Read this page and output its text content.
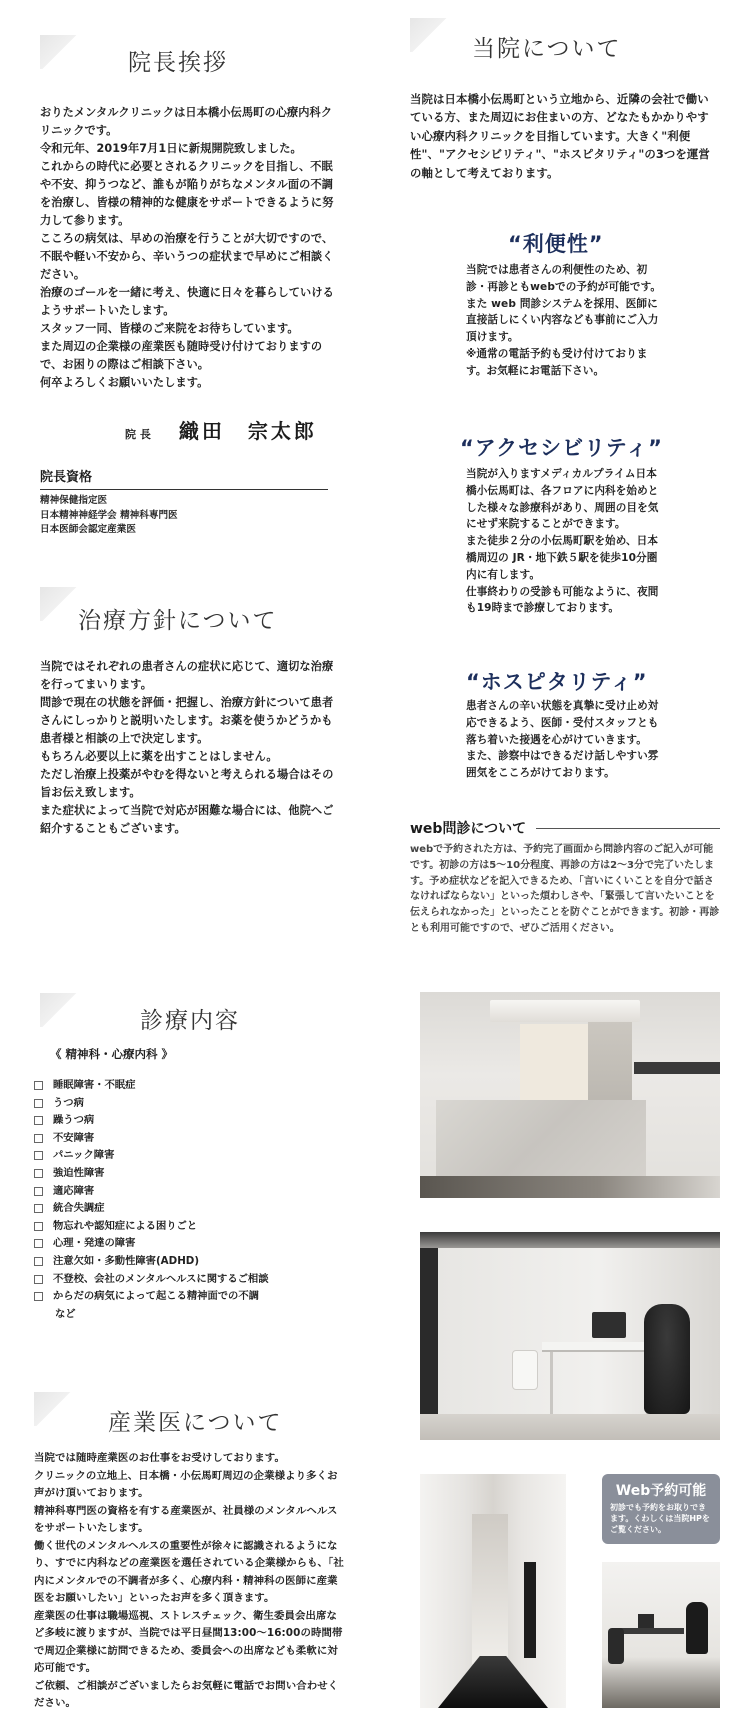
院長挨拶

おりたメンタルクリニックは日本橋小伝馬町の心療内科クリニックです。

令和元年、2019年7月1日に新規開院致しました。

これからの時代に必要とされるクリニックを目指し、不眠や不安、抑うつなど、誰もが陥りがちなメンタル面の不調を治療し、皆様の精神的な健康をサポートできるように努力して参ります。

こころの病気は、早めの治療を行うことが大切ですので、不眠や軽い不安から、辛いうつの症状まで早めにご相談ください。

治療のゴールを一緒に考え、快適に日々を暮らしていけるようサポートいたします。

スタッフ一同、皆様のご来院をお待ちしています。

また周辺の企業様の産業医も随時受け付けておりますので、お困りの際はご相談下さい。

何卒よろしくお願いいたします。

院 長 織田　宗太郎
院長資格
精神保健指定医
日本精神神経学会 精神科専門医
日本医師会認定産業医
治療方針について

当院ではそれぞれの患者さんの症状に応じて、適切な治療を行ってまいります。

問診で現在の状態を評価・把握し、治療方針について患者さんにしっかりと説明いたします。お薬を使うかどうかも患者様と相談の上で決定します。

もちろん必要以上に薬を出すことはしません。

ただし治療上投薬がやむを得ないと考えられる場合はその旨お伝え致します。

また症状によって当院で対応が困難な場合には、他院へご紹介することもございます。

診療内容
《 精神科・心療内科 》
睡眠障害・不眠症
うつ病
躁うつ病
不安障害
パニック障害
強迫性障害
適応障害
統合失調症
物忘れや認知症による困りごと
心理・発達の障害
注意欠如・多動性障害(ADHD)
不登校、会社のメンタルヘルスに関するご相談
からだの病気によって起こる精神面での不調
など
産業医について

当院では随時産業医のお仕事をお受けしております。

クリニックの立地上、日本橋・小伝馬町周辺の企業様より多くお声がけ頂いております。

精神科専門医の資格を有する産業医が、社員様のメンタルヘルスをサポートいたします。

働く世代のメンタルヘルスの重要性が徐々に認識されるようになり、すでに内科などの産業医を選任されている企業様からも、「社内にメンタルでの不調者が多く、心療内科・精神科の医師に産業医をお願いしたい」といったお声を多く頂きます。

産業医の仕事は職場巡視、ストレスチェック、衛生委員会出席など多岐に渡りますが、当院では平日昼間13:00～16:00の時間帯で周辺企業様に訪問できるため、委員会への出席なども柔軟に対応可能です。

ご依頼、ご相談がございましたらお気軽に電話でお問い合わせください。

当院について

当院は日本橋小伝馬町という立地から、近隣の会社で働いている方、また周辺にお住まいの方、どなたもかかりやすい心療内科クリニックを目指しています。大きく"利便性"、"アクセシビリティ"、"ホスピタリティ"の3つを運営の軸として考えております。

“利便性”

当院では患者さんの利便性のため、初診・再診ともwebでの予約が可能です。

また web 問診システムを採用、医師に直接話しにくい内容なども事前にご入力頂けます。

※通常の電話予約も受け付けております。お気軽にお電話下さい。

“アクセシビリティ”

当院が入りますメディカルプライム日本橋小伝馬町は、各フロアに内科を始めとした様々な診療科があり、周囲の目を気にせず来院することができます。

また徒歩２分の小伝馬町駅を始め、日本橋周辺の JR・地下鉄５駅を徒歩10分圏内に有します。

仕事終わりの受診も可能なように、夜間も19時まで診療しております。

“ホスピタリティ”

患者さんの辛い状態を真摯に受け止め対応できるよう、医師・受付スタッフとも落ち着いた接遇を心がけていきます。

また、診察中はできるだけ話しやすい雰囲気をこころがけております。

web問診について
webで予約された方は、予約完了画面から問診内容のご記入が可能です。初診の方は5～10分程度、再診の方は2～3分で完了いたします。予め症状などを記入できるため、「言いにくいことを自分で話さなければならない」といった煩わしさや、「緊張して言いたいことを伝えられなかった」といったことを防ぐことができます。初診・再診とも利用可能ですので、ぜひご活用ください。
Web予約可能
初診でも予約をお取りできます。くわしくは当院HPをご覧ください。
